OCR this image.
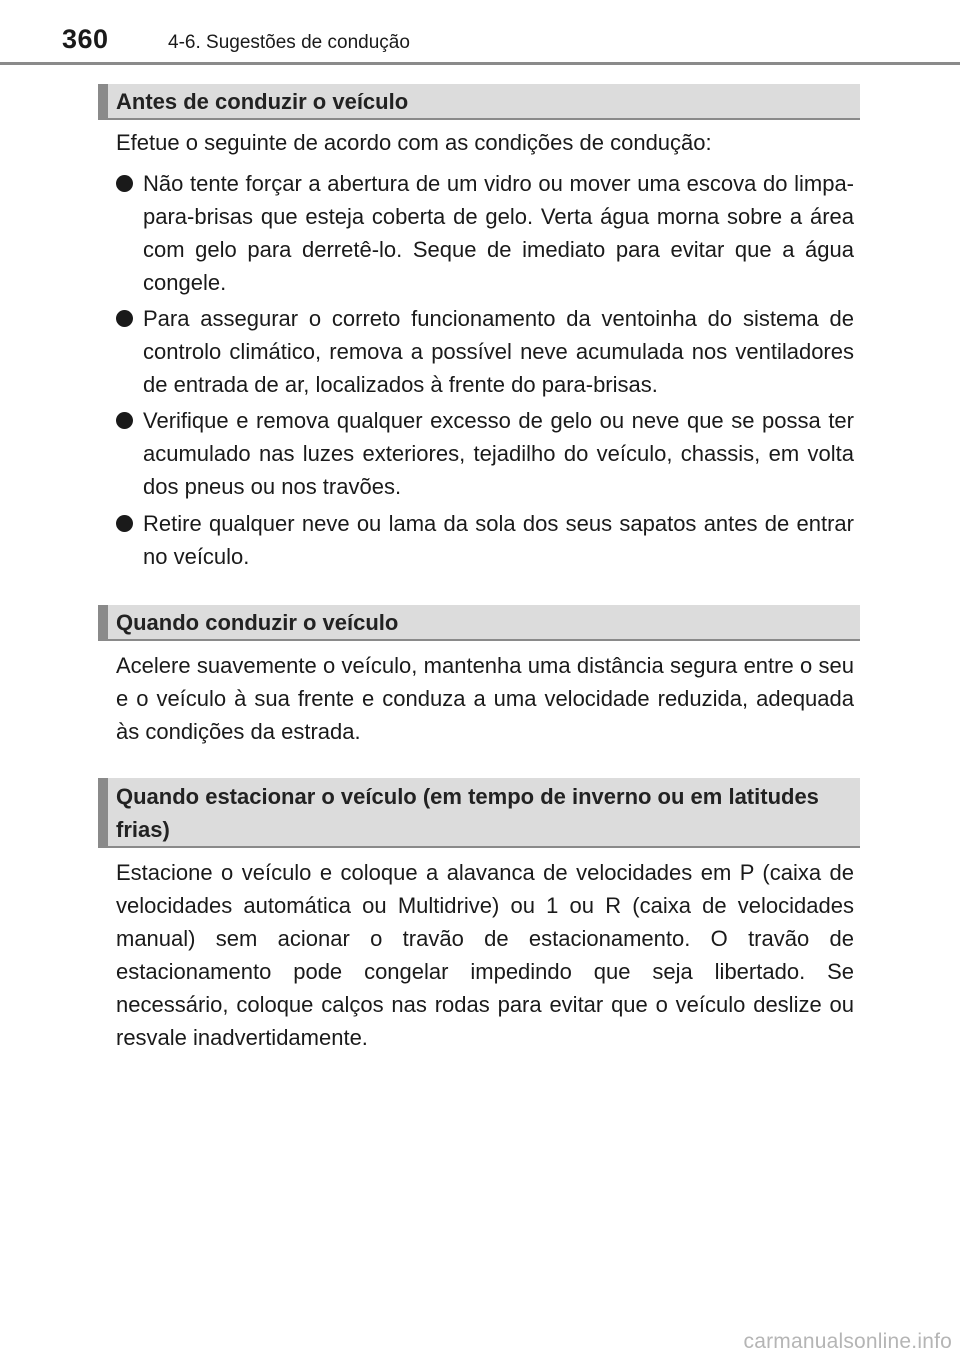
360	4-6. Sugestões de condução
Antes de conduzir o veículo

Efetue o seguinte de acordo com as condições de condução:

Não tente forçar a abertura de um vidro ou mover uma escova do limpa-para-brisas que esteja coberta de gelo. Verta água morna sobre a área com gelo para derretê-lo. Seque de imediato para evitar que a água congele.
Para assegurar o correto funcionamento da ventoinha do sistema de controlo climático, remova a possível neve acumulada nos ventiladores de entrada de ar, localizados à frente do para-brisas.
Verifique e remova qualquer excesso de gelo ou neve que se possa ter acumulado nas luzes exteriores, tejadilho do veículo, chassis, em volta dos pneus ou nos travões.
Retire qualquer neve ou lama da sola dos seus sapatos antes de entrar no veículo.
Quando conduzir o veículo

Acelere suavemente o veículo, mantenha uma distância segura entre o seu e o veículo à sua frente e conduza a uma velocidade reduzida, adequada às condições da estrada.

Quando estacionar o veículo (em tempo de inverno ou em latitudes frias)

Estacione o veículo e coloque a alavanca de velocidades em P (caixa de velocidades automática ou Multidrive) ou 1 ou R (caixa de velocidades manual) sem acionar o travão de estacionamento. O travão de estacionamento pode congelar impedindo que seja libertado. Se necessário, coloque calços nas rodas para evitar que o veículo deslize ou resvale inadvertidamente.

carmanualsonline.info
